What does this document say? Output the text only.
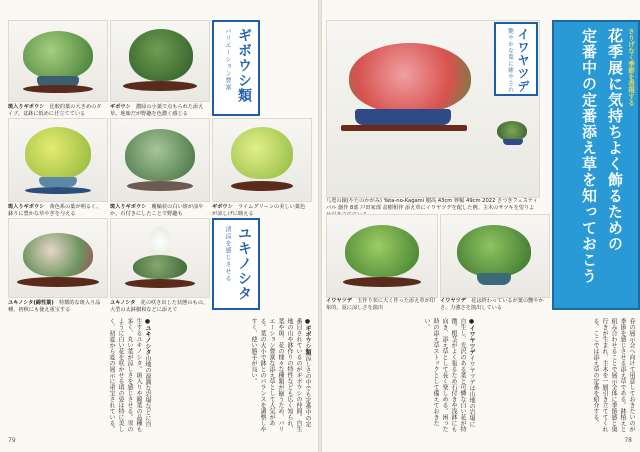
斑入りギボウシ　 比較的葉の大きめのタイプ。盆鉢に低めに仕立てている
ギボウシ　 濃緑の小葉で点もられた添え草。地味だが野趣を色濃く感じる
ギボウシ類
バリエーション豊富
斑入りギボウシ　 黄色系の葉が明るく、鉢りに豊かな草やぎを与える
斑入りギボウシ　 覆輪状の白い斑が涼やか。石付きにしたことで野趣も
ギボウシ　 ライムグリーンの美しい葉色が涼しげに映える
ユキノシタ(錦性葉)　 特徴的な斑入り品種。初秋にも使え重宝する
ユキノシタ　 花の咲き出した状態のもの。大型の太鉢樹和などに添えて
ユキノシタ
清涼を感じさせる
●ギボウシ類涼しさの中でも定番中の定番目されているのがギボウシの仲間。自生地の山や鉢作りの特性なども広く知られ、葉や斑、花の様々な種類が揃うため、バリエーション豊富な添え草として人気がある。葉の大小で鉢とのバランスを調整しやすく、使い勝手が良い。
●ユキノシタ山地の湿潤な岩場などに自生するユキノシタ。斑入りや錦葉の品種も多く、丸い葉が涼しさを感じさせる。雪のように白い花を咲かせる頃の姿は特に美しく、初夏から夏の展示に重宝されている。
79
八咫の鏡(やたのかがみ) Yata-no-Kagami 樹高 43cm 幹幅 49cm 2022 さつきフェスティバル 創作 8部 戸田家部 盆樹相伴 添え草にイワヤツデを配した例。主木のサツキを望りよ
イワヤツデ
艶やかな葉に癒やされ	さりげなく季節を表現する
花季展に気持ちよく飾るための
定番中の定番添え草を知っておこう
イワヤツデ　 玉作り状に大く作った添え草が印象的。夏に涼しさを演出
イワヤツデ　 花は終わっているが葉の艶やかさ、力強さを演出している
春の展示会へ向けて用意しておきたいのが季節を感じさせる添え草である。鉢植えと組み合わせることで展示全体に季節感と奥行きが生まれ、主木を一層引き立ててくれる。ここでは添え草の定番を紹介する。
●イワヤツデイワヤツデは山地の岩場に自生し、光沢のある葉と可憐な白い花が特徴。根茎がよく張るため石付きや浅鉢にも向き、添え草として長く楽しめる。困った時の添え草ストックとして備えておきたい。
78
